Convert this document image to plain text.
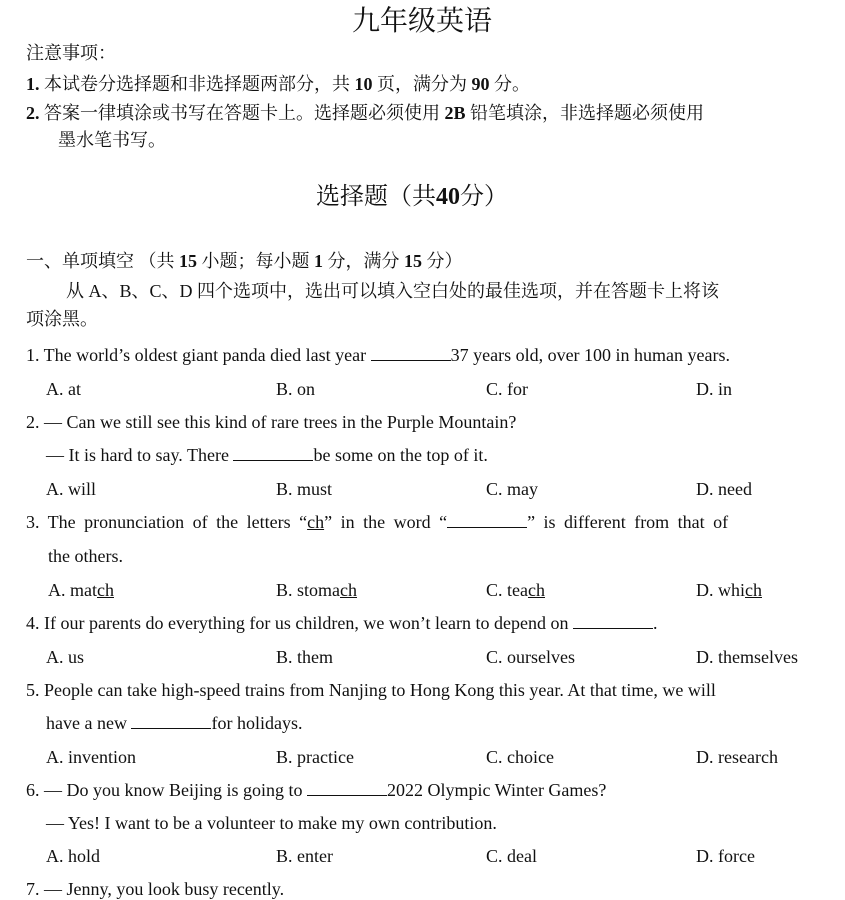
九年级英语
注意事项：
1. 本试卷分选择题和非选择题两部分，共 10 页，满分为 90 分。
2. 答案一律填涂或书写在答题卡上。选择题必须使用 2B 铅笔填涂，非选择题必须使用
墨水笔书写。
选择题（共40分）
一、单项填空 （共 15 小题；每小题 1 分，满分 15 分）
从 A、B、C、D 四个选项中，选出可以填入空白处的最佳选项，并在答题卡上将该
项涂黑。
1. The world’s oldest giant panda died last year	37 years old, over 100 in human years.
A. at	B. on	C. for	D. in
2. — Can we still see this kind of rare trees in the Purple Mountain?
— It is hard to say. There	be some on the top of it.
A. will	B. must	C. may	D. need
3. The pronunciation of the letters “ch” in the word “	” is different from that of
the others.
A. match	B. stomach	C. teach	D. which
4. If our parents do everything for us children, we won’t learn to depend on	.
A. us	B. them	C. ourselves	D. themselves
5. People can take high-speed trains from Nanjing to Hong Kong this year. At that time, we will
have a new	for holidays.
A. invention	B. practice	C. choice	D. research
6. — Do you know Beijing is going to	2022 Olympic Winter Games?
— Yes! I want to be a volunteer to make my own contribution.
A. hold	B. enter	C. deal	D. force
7. — Jenny, you look busy recently.
